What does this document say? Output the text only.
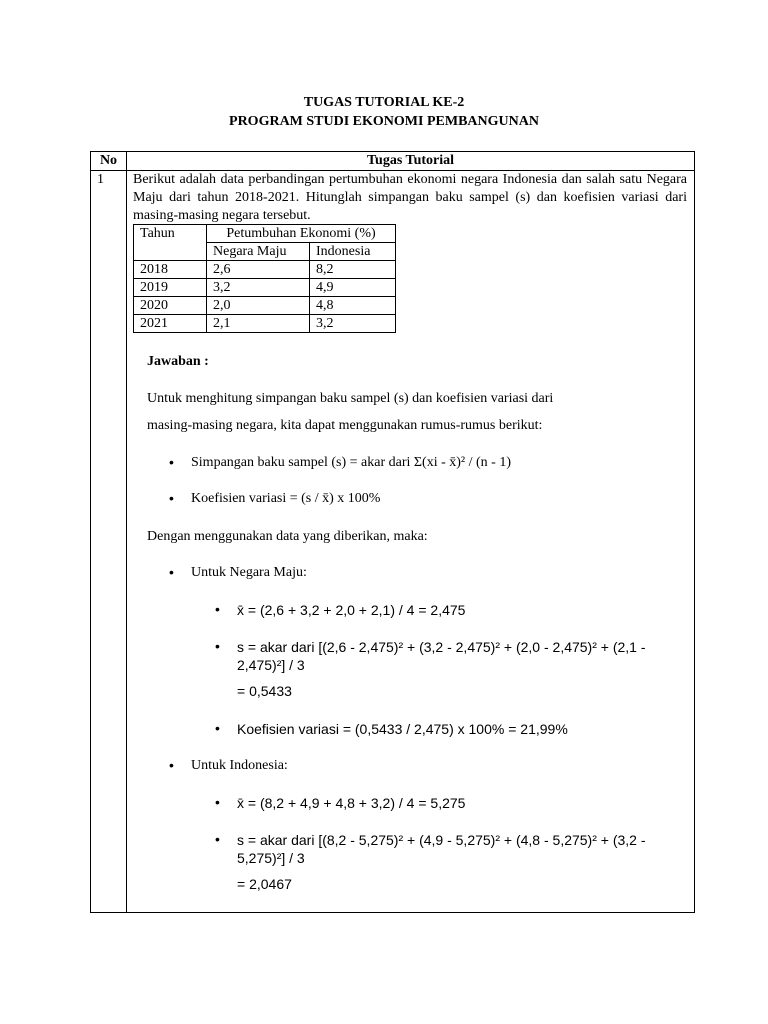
TUGAS TUTORIAL KE-2
PROGRAM STUDI EKONOMI PEMBANGUNAN
No	Tugas Tutorial
1 Berikut adalah data perbandingan pertumbuhan ekonomi negara Indonesia dan salah satu Negara Maju dari tahun 2018-2021. Hitunglah simpangan baku sampel (s) dan koefisien variasi dari masing-masing negara tersebut.
Tahun	Petumbuhan Ekonomi (%)	
	Negara Maju	Indonesia
2018	2,6	8,2
2019	3,2	4,9
2020	2,0	4,8
2021	2,1	3,2
Jawaban :
Untuk menghitung simpangan baku sampel (s) dan koefisien variasi dari
masing-masing negara, kita dapat menggunakan rumus-rumus berikut:
• Simpangan baku sampel (s) = akar dari Σ(xi - x̄)² / (n - 1)
• Koefisien variasi = (s / x̄) x 100%
Dengan menggunakan data yang diberikan, maka:
• Untuk Negara Maju:
• x̄ = (2,6 + 3,2 + 2,0 + 2,1) / 4 = 2,475
• s = akar dari [(2,6 - 2,475)² + (3,2 - 2,475)² + (2,0 - 2,475)² + (2,1 -
2,475)²] / 3
= 0,5433
• Koefisien variasi = (0,5433 / 2,475) x 100% = 21,99%
• Untuk Indonesia:
• x̄ = (8,2 + 4,9 + 4,8 + 3,2) / 4 = 5,275
• s = akar dari [(8,2 - 5,275)² + (4,9 - 5,275)² + (4,8 - 5,275)² + (3,2 -
5,275)²] / 3
= 2,0467
